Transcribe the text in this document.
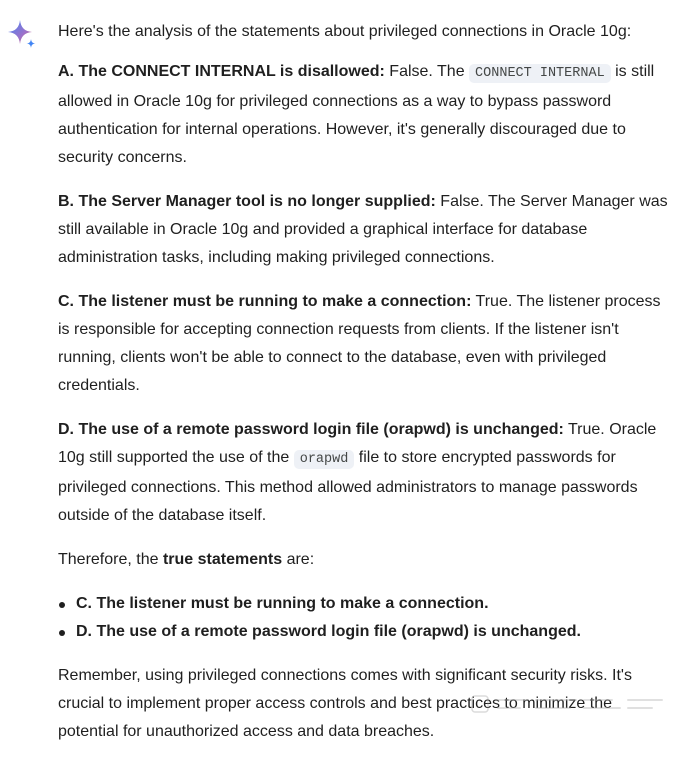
Here's the analysis of the statements about privileged connections in Oracle 10g:

A. The CONNECT INTERNAL is disallowed: False. The CONNECT INTERNAL is still allowed in Oracle 10g for privileged connections as a way to bypass password authentication for internal operations. However, it's generally discouraged due to security concerns.

B. The Server Manager tool is no longer supplied: False. The Server Manager was still available in Oracle 10g and provided a graphical interface for database administration tasks, including making privileged connections.

C. The listener must be running to make a connection: True. The listener process is responsible for accepting connection requests from clients. If the listener isn't running, clients won't be able to connect to the database, even with privileged credentials.

D. The use of a remote password login file (orapwd) is unchanged: True. Oracle 10g still supported the use of the orapwd file to store encrypted passwords for privileged connections. This method allowed administrators to manage passwords outside of the database itself.

Therefore, the true statements are:

C. The listener must be running to make a connection.
D. The use of a remote password login file (orapwd) is unchanged.

Remember, using privileged connections comes with significant security risks. It's crucial to implement proper access controls and best practices to minimize the potential for unauthorized access and data breaches.
